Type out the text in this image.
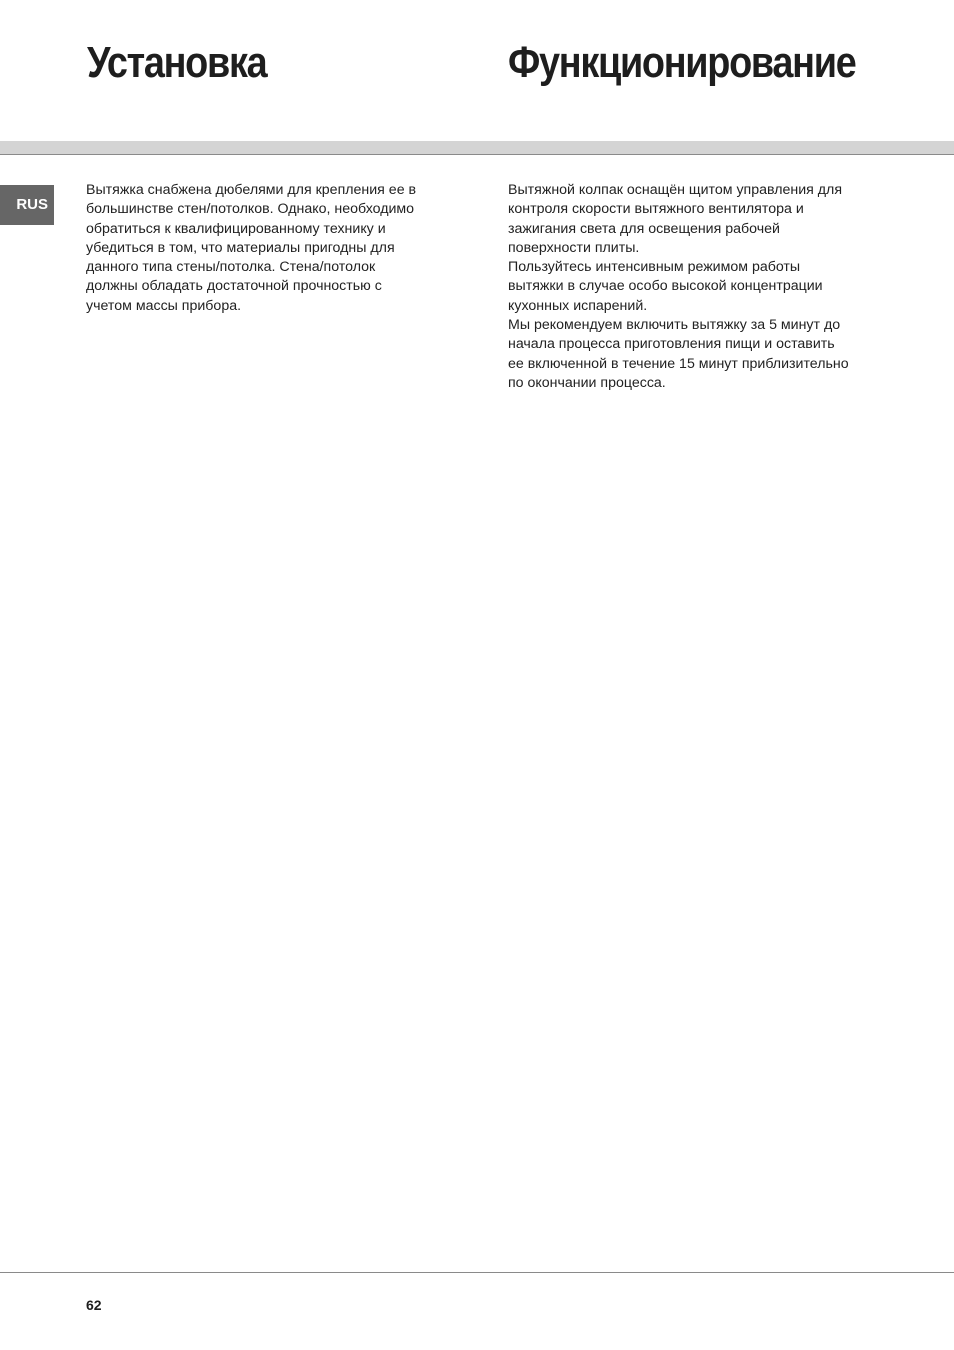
Установка	Функционирование
RUS

Вытяжка снабжена дюбелями для крепления ее в

большинстве стен/потолков. Однако, необходимо

обратиться к квалифицированному технику и

убедиться в том, что материалы пригодны для

данного типа стены/потолка. Стена/потолок

должны обладать достаточной прочностью с

учетом массы прибора.

Вытяжной колпак оснащён щитом управления для

контроля скорости вытяжного вентилятора и

зажигания света для освещения рабочей

поверхности плиты.

Пользуйтесь интенсивным режимом работы

вытяжки в случае особо высокой концентрации

кухонных испарений.

Мы рекомендуем включить вытяжку за 5 минут до

начала процесса приготовления пищи и оставить

ее включенной в течение 15 минут приблизительно

по окончании процесса.

62
